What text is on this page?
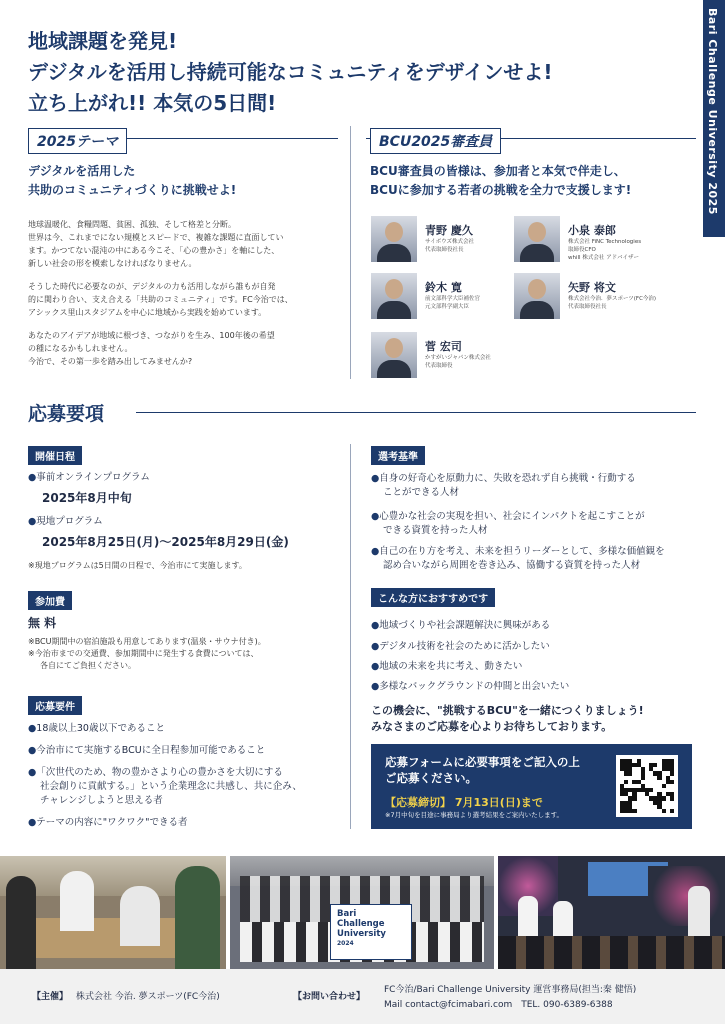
Bari Challenge University 2025
地域課題を発見!
デジタルを活用し持続可能なコミュニティをデザインせよ!
立ち上がれ!! 本気の5日間!
2025テーマ
デジタルを活用した
共助のコミュニティづくりに挑戦せよ!

地球温暖化、食糧問題、貧困、孤独、そして格差と分断。
世界は今、これまでにない規模とスピードで、複雑な課題に直面してい
ます。かつてない混沌の中にある今こそ、「心の豊かさ」を軸にした、
新しい社会の形を模索しなければなりません。

そうした時代に必要なのが、デジタルの力も活用しながら誰もが自発
的に関わり合い、支え合える「共助のコミュニティ」です。FC今治では、
アシックス里山スタジアムを中心に地域から実践を始めています。

あなたのアイデアが地域に根づき、つながりを生み、100年後の希望
の種になるかもしれません。
今治で、その第一歩を踏み出してみませんか?

BCU2025審査員
BCU審査員の皆様は、参加者と本気で伴走し、
BCUに参加する若者の挑戦を全力で支援します!
青野 慶久
サイボウズ株式会社
代表取締役社長
小泉 泰郎
株式会社 FiNC Technologies
取締役CFO
whill 株式会社 アドバイザー
鈴木 寛
前文部科学大臣補佐官
元文部科学副大臣
矢野 将文
株式会社今治．夢スポーツ(FC今治)
代表取締役社長
菅 宏司
かすがいジャパン株式会社
代表取締役
応募要項
開催日程
●事前オンラインプログラム
2025年8月中旬
●現地プログラム
2025年8月25日(月)〜2025年8月29日(金)
※現地プログラムは5日間の日程で、今治市にて実施します。
参加費
無 料
※BCU期間中の宿泊施設も用意してあります(温泉・サウナ付き)。
※今治市までの交通費、参加期間中に発生する食費については、
各自にてご負担ください。
応募要件
●18歳以上30歳以下であること
●今治市にて実施するBCUに全日程参加可能であること
●「次世代のため、物の豊かさより心の豊かさを大切にする
社会創りに貢献する。」という企業理念に共感し、共に企み、
チャレンジしようと思える者
●テーマの内容に"ワクワク"できる者
選考基準
●自身の好奇心を原動力に、失敗を恐れず自ら挑戦・行動する
ことができる人材
●心豊かな社会の実現を担い、社会にインパクトを起こすことが
できる資質を持った人材
●自己の在り方を考え、未来を担うリーダーとして、多様な価値観を
認め合いながら周囲を巻き込み、協働する資質を持った人材
こんな方におすすめです
●地域づくりや社会課題解決に興味がある
●デジタル技術を社会のために活かしたい
●地域の未来を共に考え、動きたい
●多様なバックグラウンドの仲間と出会いたい
この機会に、"挑戦するBCU"を一緒につくりましょう!
みなさまのご応募を心よりお待ちしております。
応募フォームに必要事項をご記入の上
ご応募ください。
【応募締切】 7月13日(日)まで
※7月中旬を目途に事務局より選考結果をご案内いたします。
Bari
Challenge
University
2024
【主催】 株式会社 今治. 夢スポーツ(FC今治)	【お問い合わせ】
FC今治/Bari Challenge University 運営事務局(担当:秦 健悟)
Mail contact@fcimabari.com　TEL. 090-6389-6388
